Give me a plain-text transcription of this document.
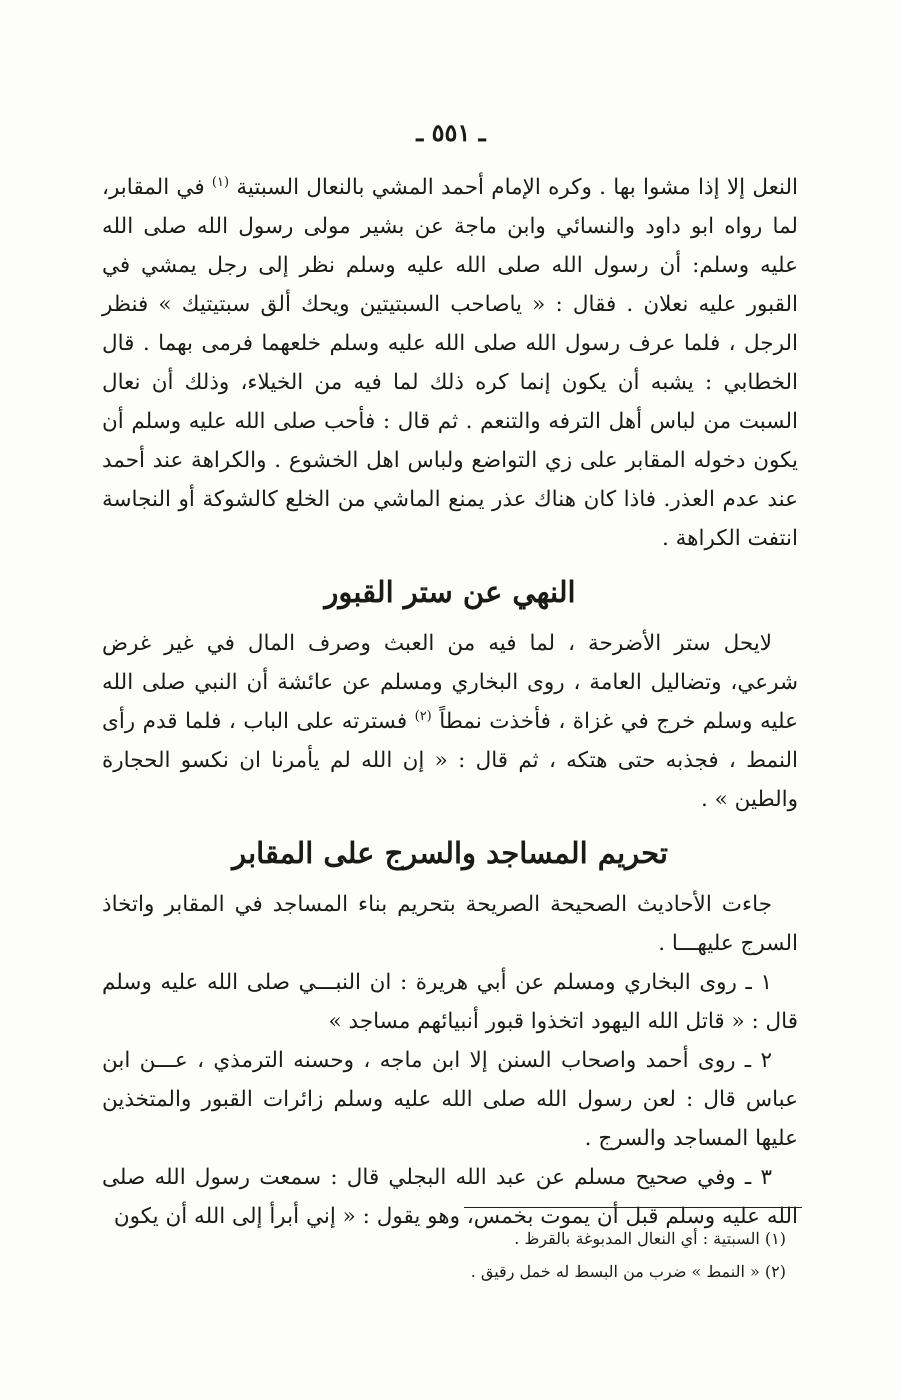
ـ ٥٥١ ـ

النعل إلا إذا مشوا بها . وكره الإمام أحمد المشي بالنعال السبتية $^{(١)}$ في المقابر، لما رواه ابو داود والنسائي وابن ماجة عن بشير مولى رسول الله صلى الله عليه وسلم: أن رسول الله صلى الله عليه وسلم نظر إلى رجل يمشي في القبور عليه نعلان . فقال : « ياصاحب السبتيتين ويحك ألق سبتيتيك » فنظر الرجل ، فلما عرف رسول الله صلى الله عليه وسلم خلعهما فرمى بهما . قال الخطابي : يشبه أن يكون إنما كره ذلك لما فيه من الخيلاء، وذلك أن نعال السبت من لباس أهل الترفه والتنعم . ثم قال : فأحب صلى الله عليه وسلم أن يكون دخوله المقابر على زي التواضع ولباس اهل الخشوع . والكراهة عند أحمد عند عدم العذر. فاذا كان هناك عذر يمنع الماشي من الخلع كالشوكة أو النجاسة انتفت الكراهة .

النهي عن ستر القبور

لايحل ستر الأضرحة ، لما فيه من العبث وصرف المال في غير غرض شرعي، وتضاليل العامة ، روى البخاري ومسلم عن عائشة أن النبي صلى الله عليه وسلم خرج في غزاة ، فأخذت نمطاً $^{(٢)}$ فسترته على الباب ، فلما قدم رأى النمط ، فجذبه حتى هتكه ، ثم قال : « إن الله لم يأمرنا ان نكسو الحجارة والطين » .

تحريم المساجد والسرج على المقابر

جاءت الأحاديث الصحيحة الصريحة بتحريم بناء المساجد في المقابر واتخاذ السرج عليهـــا .

١ ـ روى البخاري ومسلم عن أبي هريرة : ان النبـــي صلى الله عليه وسلم قال : « قاتل الله اليهود اتخذوا قبور أنبيائهم مساجد »

٢ ـ روى أحمد واصحاب السنن إلا ابن ماجه ، وحسنه الترمذي ، عـــن ابن عباس قال : لعن رسول الله صلى الله عليه وسلم زائرات القبور والمتخذين عليها المساجد والسرج .

٣ ـ وفي صحيح مسلم عن عبد الله البجلي قال : سمعت رسول الله صلى الله عليه وسلم قبل أن يموت بخمس، وهو يقول : « إني أبرأ إلى الله أن يكون

(١) السبتية : أي النعال المدبوغة بالقرظ .

(٢) « النمط » ضرب من البسط له خمل رقيق .
